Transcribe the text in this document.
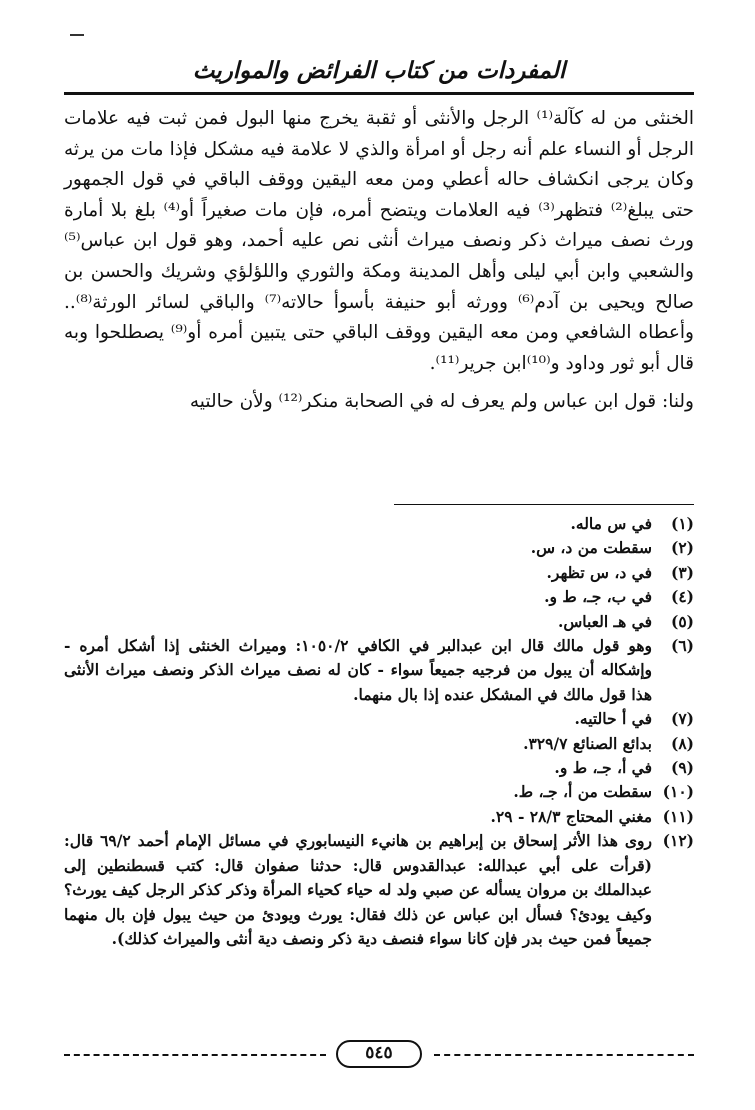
المفردات من كتاب الفرائض والمواريث

الخنثى من له كآلة⁽¹⁾ الرجل والأنثى أو ثقبة يخرج منها البول فمن ثبت فيه علامات الرجل أو النساء علم أنه رجل أو امرأة والذي لا علامة فيه مشكل فإذا مات من يرثه وكان يرجى انكشاف حاله أعطي ومن معه اليقين ووقف الباقي في قول الجمهور حتى يبلغ⁽²⁾ فتظهر⁽³⁾ فيه العلامات ويتضح أمره، فإن مات صغيراً أو⁽⁴⁾ بلغ بلا أمارة ورث نصف ميراث ذكر ونصف ميراث أنثى نص عليه أحمد، وهو قول ابن عباس⁽⁵⁾ والشعبي وابن أبي ليلى وأهل المدينة ومكة والثوري واللؤلؤي وشريك والحسن بن صالح ويحيى بن آدم⁽⁶⁾ وورثه أبو حنيفة بأسوأ حالاته⁽⁷⁾ والباقي لسائر الورثة⁽⁸⁾.. وأعطاه الشافعي ومن معه اليقين ووقف الباقي حتى يتبين أمره أو⁽⁹⁾ يصطلحوا وبه قال أبو ثور وداود و⁽¹⁰⁾ابن جرير⁽¹¹⁾.

ولنا: قول ابن عباس ولم يعرف له في الصحابة منكر⁽¹²⁾ ولأن حالتيه

(١)
في س ماله.
(٢)
سقطت من د، س.
(٣)
في د، س تظهر.
(٤)
في ب، جـ، ط و.
(٥)
في هـ العباس.
(٦)
وهو قول مالك قال ابن عبدالبر في الكافي ١٠٥٠/٢: وميراث الخنثى إذا أشكل أمره - وإشكاله أن يبول من فرجيه جميعاً سواء - كان له نصف ميراث الذكر ونصف ميراث الأنثى هذا قول مالك في المشكل عنده إذا بال منهما.
(٧)
في أ حالتيه.
(٨)
بدائع الصنائع ٣٢٩/٧.
(٩)
في أ، جـ، ط و.
(١٠)
سقطت من أ، جـ، ط.
(١١)
مغني المحتاج ٢٨/٣ - ٢٩.
(١٢)
روى هذا الأثر إسحاق بن إبراهيم بن هانيء النيسابوري في مسائل الإمام أحمد ٦٩/٢ قال: (قرأت على أبي عبدالله: عبدالقدوس قال: حدثنا صفوان قال: كتب قسطنطين إلى عبدالملك بن مروان يسأله عن صبي ولد له حياء كحياء المرأة وذكر كذكر الرجل كيف يورث؟ وكيف يودئ؟ فسأل ابن عباس عن ذلك فقال: يورث ويودئ من حيث يبول فإن بال منهما جميعاً فمن حيث بدر فإن كانا سواء فنصف دية ذكر ونصف دية أنثى والميراث كذلك).
٥٤٥
